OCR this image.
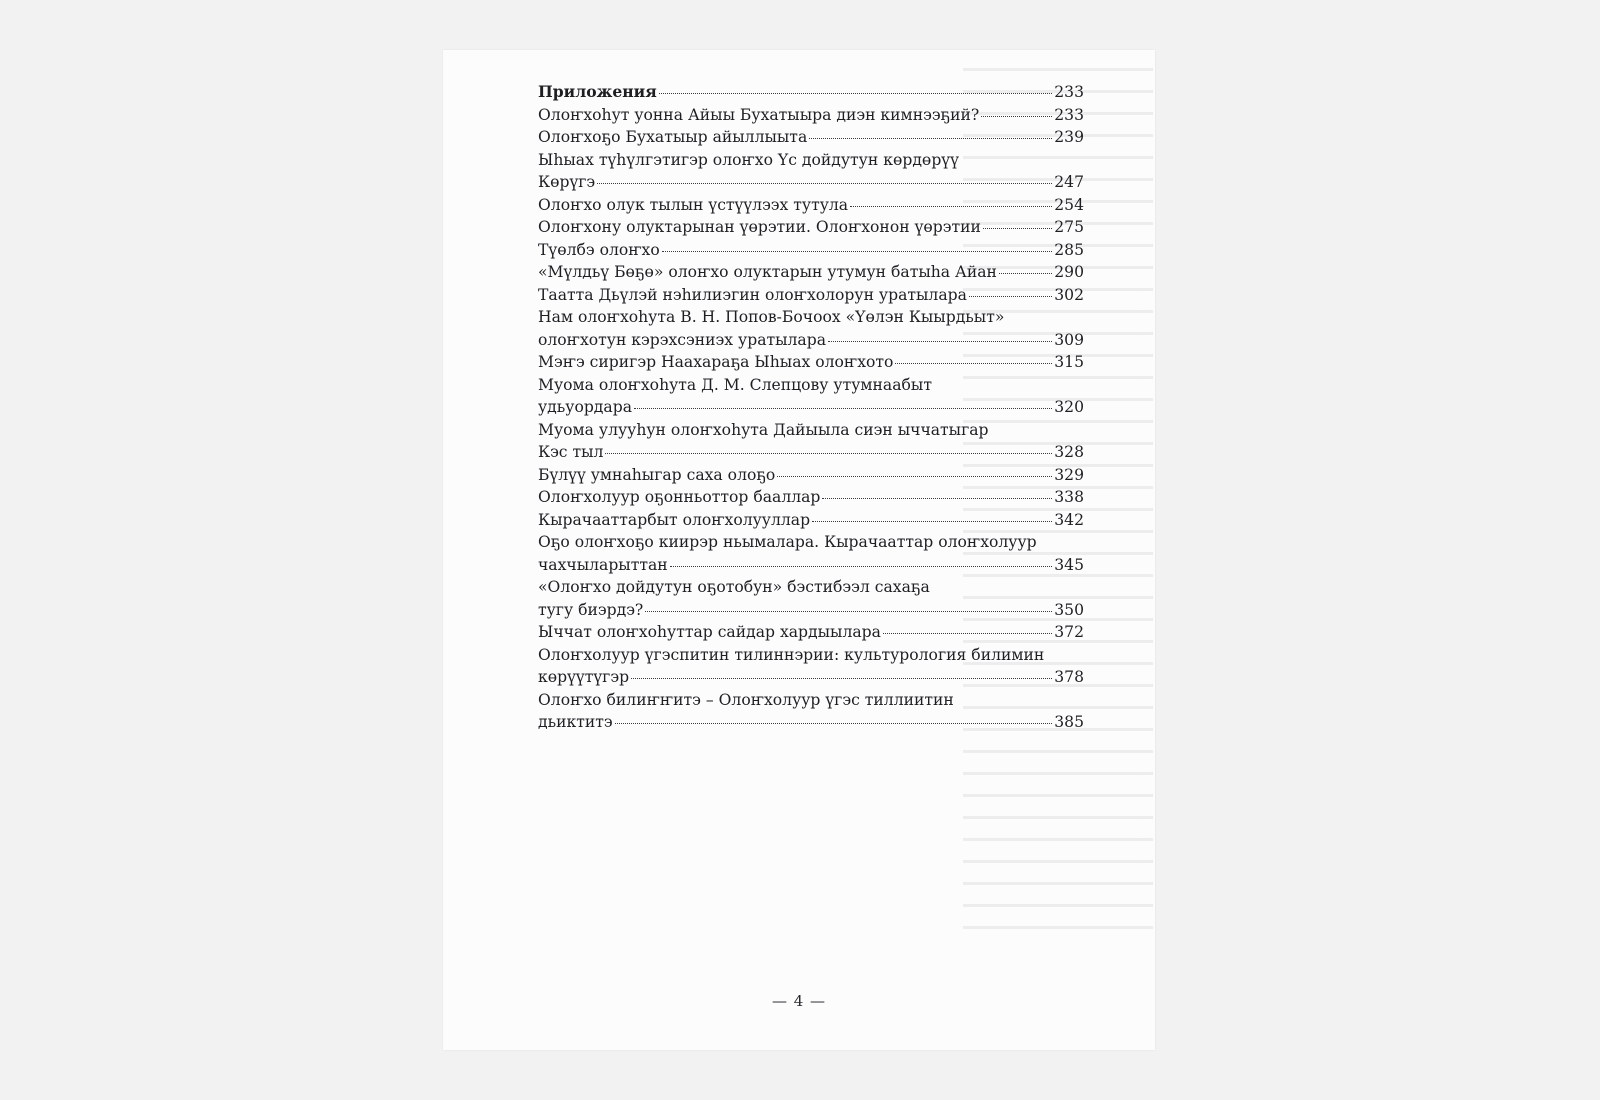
Приложения	233
Олоҥхоһут уонна Айыы Бухатыыра диэн кимнээҕий?	233
Олоҥхоҕо Бухатыыр айыллыыта	239
Ыһыах түһүлгэтигэр олоҥхо Үс дойдутун көрдөрүү
Көрүгэ	247
Олоҥхо олук тылын үстүүлээх тутула	254
Олоҥхону олуктарынан үөрэтии. Олоҥхонон үөрэтии	275
Түөлбэ олоҥхо	285
«Мүлдьү Бөҕө» олоҥхо олуктарын утумун батыһа Айан	290
Таатта Дьүлэй нэһилиэгин олоҥхолорун уратылара	302
Нам олоҥхоһута В. Н. Попов-Бочоох «Үөлэн Кыырдьыт»
олоҥхотун кэрэхсэниэх уратылара	309
Мэҥэ сиригэр Наахараҕа Ыһыах олоҥхото	315
Муома олоҥхоһута Д. М. Слепцову утумнаабыт
удьуордара	320
Муома улууһун олоҥхоһута Дайыыла сиэн ыччатыгар
Кэс тыл	328
Бүлүү умнаһыгар саха олоҕо	329
Олоҥхолуур оҕонньоттор бааллар	338
Кырачааттарбыт олоҥхолууллар	342
Оҕо олоҥхоҕо киирэр ньымалара. Кырачааттар олоҥхолуур
чахчыларыттан	345
«Олоҥхо дойдутун оҕотобун» бэстибээл сахаҕа
тугу биэрдэ?	350
Ыччат олоҥхоһуттар сайдар хардыылара	372
Олоҥхолуур үгэспитин тилиннэрии: культурология билимин
көрүүтүгэр	378
Олоҥхо билиҥҥитэ – Олоҥхолуур үгэс тиллиитин
дьиктитэ	385
— 4 —
